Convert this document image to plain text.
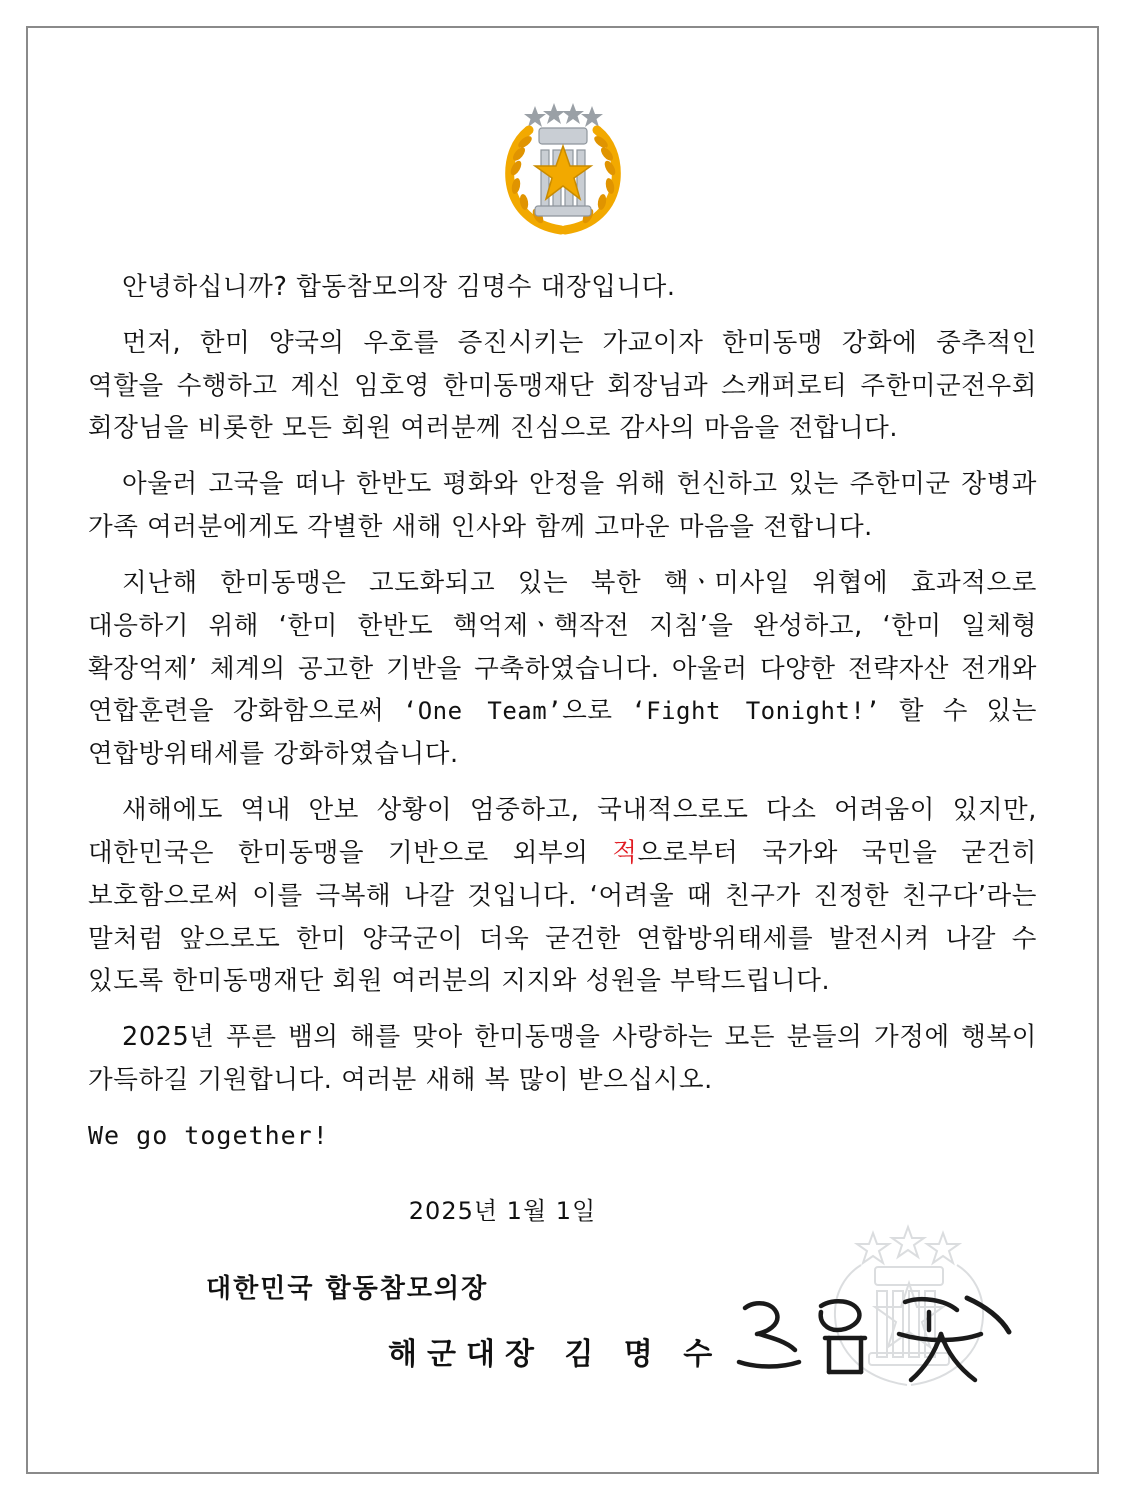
안녕하십니까? 합동참모의장 김명수 대장입니다.

먼저, 한미 양국의 우호를 증진시키는 가교이자 한미동맹 강화에 중추적인 역할을 수행하고 계신 임호영 한미동맹재단 회장님과 스캐퍼로티 주한미군전우회 회장님을 비롯한 모든 회원 여러분께 진심으로 감사의 마음을 전합니다.

아울러 고국을 떠나 한반도 평화와 안정을 위해 헌신하고 있는 주한미군 장병과 가족 여러분에게도 각별한 새해 인사와 함께 고마운 마음을 전합니다.

지난해 한미동맹은 고도화되고 있는 북한 핵ㆍ미사일 위협에 효과적으로 대응하기 위해 ‘한미 한반도 핵억제ㆍ핵작전 지침’을 완성하고, ‘한미 일체형 확장억제’ 체계의 공고한 기반을 구축하였습니다. 아울러 다양한 전략자산 전개와 연합훈련을 강화함으로써 ‘One Team’으로 ‘Fight Tonight!’ 할 수 있는 연합방위태세를 강화하였습니다.

새해에도 역내 안보 상황이 엄중하고, 국내적으로도 다소 어려움이 있지만, 대한민국은 한미동맹을 기반으로 외부의 적으로부터 국가와 국민을 굳건히 보호함으로써 이를 극복해 나갈 것입니다. ‘어려울 때 친구가 진정한 친구다’라는 말처럼 앞으로도 한미 양국군이 더욱 굳건한 연합방위태세를 발전시켜 나갈 수 있도록 한미동맹재단 회원 여러분의 지지와 성원을 부탁드립니다.

2025년 푸른 뱀의 해를 맞아 한미동맹을 사랑하는 모든 분들의 가정에 행복이 가득하길 기원합니다. 여러분 새해 복 많이 받으십시오.

We go together!

2025년 1월 1일
대한민국 합동참모의장
해군대장 김 명 수
